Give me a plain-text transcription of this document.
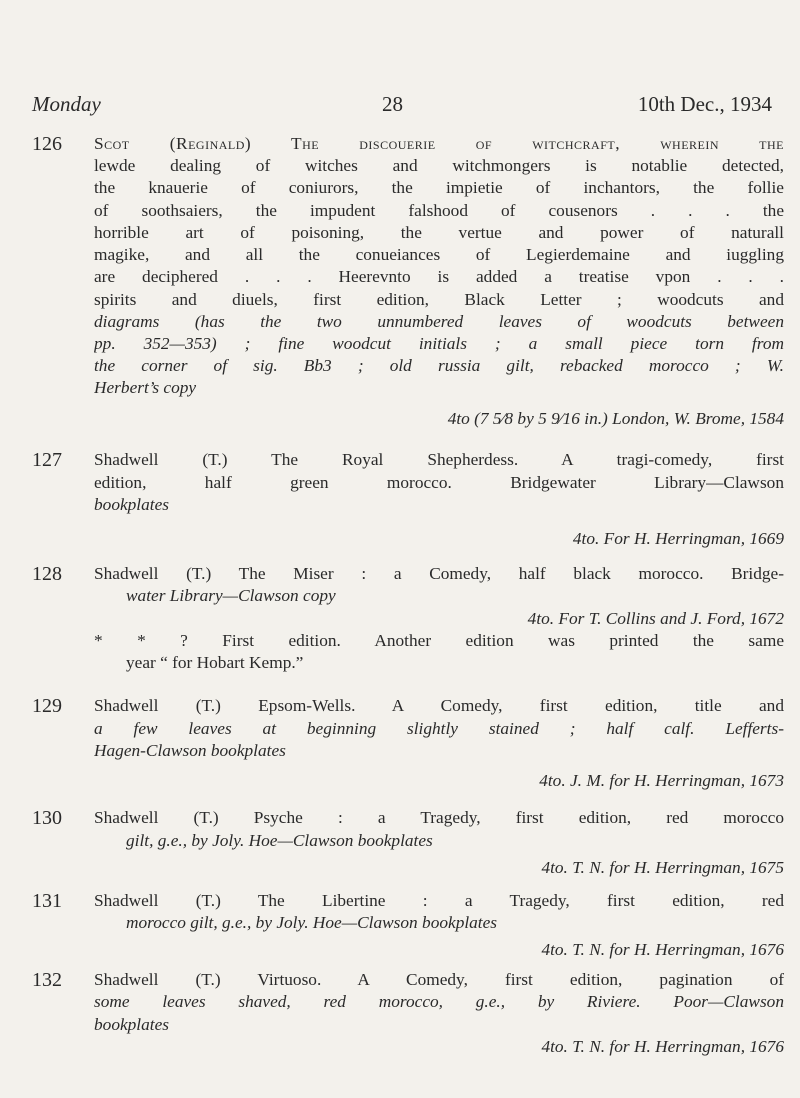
Monday	28	10th Dec., 1934
126 Scot (Reginald) The discouerie of witchcraft, wherein the
lewde dealing of witches and witchmongers is notablie detected,
the knauerie of coniurors, the impietie of inchantors, the follie
of soothsaiers, the impudent falshood of cousenors . . . the
horrible art of poisoning, the vertue and power of naturall
magike, and all the conueiances of Legierdemaine and iuggling
are deciphered . . . Heerevnto is added a treatise vpon . . .
spirits and diuels, first edition, Black Letter ; woodcuts and
diagrams (has the two unnumbered leaves of woodcuts between
pp. 352—353) ; fine woodcut initials ; a small piece torn from
the corner of sig. Bb3 ; old russia gilt, rebacked morocco ; W.
Herbert’s copy
4to (7 5⁄8 by 5 9⁄16 in.) London, W. Brome, 1584
127 Shadwell (T.) The Royal Shepherdess. A tragi-comedy, first
edition, half green morocco. Bridgewater Library—Clawson
bookplates
4to. For H. Herringman, 1669
128 Shadwell (T.) The Miser : a Comedy, half black morocco. Bridge-
water Library—Clawson copy
4to. For T. Collins and J. Ford, 1672
* * ? First edition. Another edition was printed the same
year “ for Hobart Kemp.”
129 Shadwell (T.) Epsom-Wells. A Comedy, first edition, title and
a few leaves at beginning slightly stained ; half calf. Lefferts-
Hagen-Clawson bookplates
4to. J. M. for H. Herringman, 1673
130 Shadwell (T.) Psyche : a Tragedy, first edition, red morocco
gilt, g.e., by Joly. Hoe—Clawson bookplates
4to. T. N. for H. Herringman, 1675
131 Shadwell (T.) The Libertine : a Tragedy, first edition, red
morocco gilt, g.e., by Joly. Hoe—Clawson bookplates
4to. T. N. for H. Herringman, 1676
132 Shadwell (T.) Virtuoso. A Comedy, first edition, pagination of
some leaves shaved, red morocco, g.e., by Riviere. Poor—Clawson
bookplates
4to. T. N. for H. Herringman, 1676
